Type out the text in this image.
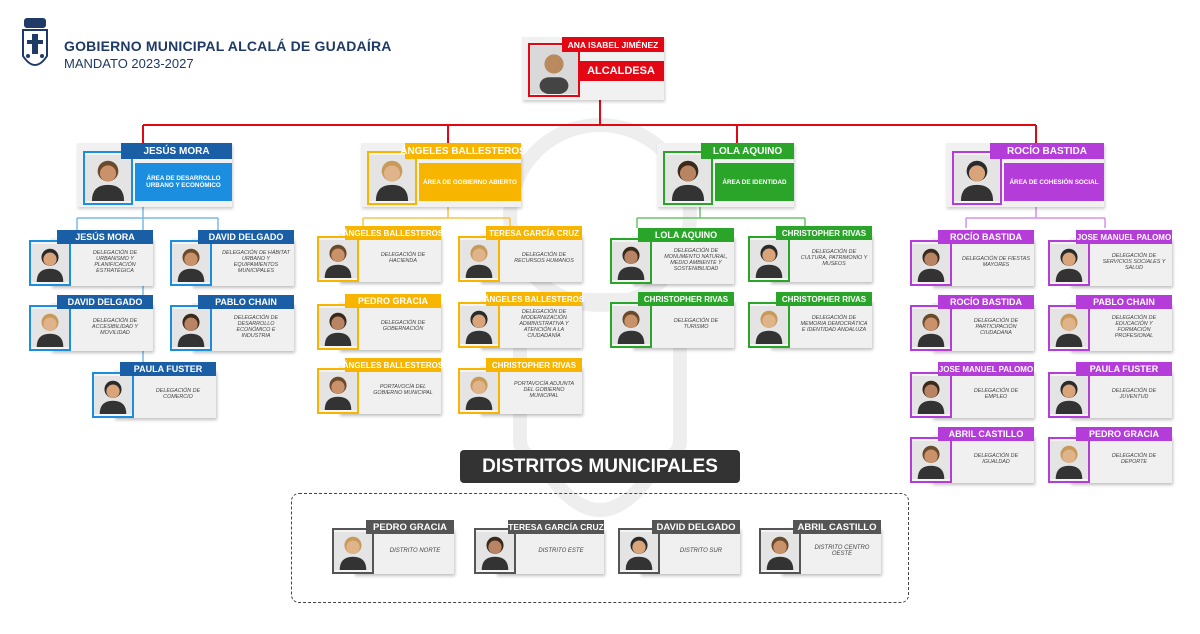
GOBIERNO MUNICIPAL ALCALÁ DE GUADAÍRA
MANDATO 2023-2027
ANA ISABEL JIMÉNEZ
ALCALDESA
JESÚS MORA
ÁREA DE DESARROLLO URBANO Y ECONÓMICO
ÁNGELES BALLESTEROS
ÁREA DE GOBIERNO ABIERTO
LOLA AQUINO
ÁREA DE IDENTIDAD
ROCÍO BASTIDA
ÁREA DE COHESIÓN SOCIAL
DELEGACIÓN DE URBANISMO Y PLANIFICACIÓN ESTRATÉGICA
JESÚS MORA
DELEGACIÓN DE HÁBITAT URBANO Y EQUIPAMIENTOS MUNICIPALES
DAVID DELGADO
DELEGACIÓN DE ACCESIBILIDAD Y MOVILIDAD
DAVID DELGADO
DELEGACIÓN DE DESARROLLO ECONÓMICO E INDUSTRIA
PABLO CHAIN
DELEGACIÓN DE COMERCIO
PAULA FUSTER
DELEGACIÓN DE HACIENDA
ÁNGELES BALLESTEROS
DELEGACIÓN DE RECURSOS HUMANOS
TERESA GARCÍA CRUZ
DELEGACIÓN DE GOBERNACIÓN
PEDRO GRACIA
DELEGACIÓN DE MODERNIZACIÓN ADMINISTRATIVA Y ATENCIÓN A LA CIUDADANÍA
ÁNGELES BALLESTEROS
PORTAVOCÍA DEL GOBIERNO MUNICIPAL
ÁNGELES BALLESTEROS
PORTAVOCÍA ADJUNTA DEL GOBIERNO MUNICIPAL
CHRISTOPHER RIVAS
DELEGACIÓN DE MONUMENTO NATURAL, MEDIO AMBIENTE Y SOSTENIBILIDAD
LOLA AQUINO
DELEGACIÓN DE CULTURA, PATRIMONIO Y MUSEOS
CHRISTOPHER RIVAS
DELEGACIÓN DE TURISMO
CHRISTOPHER RIVAS
DELEGACIÓN DE MEMORIA DEMOCRÁTICA E IDENTIDAD ANDALUZA
CHRISTOPHER RIVAS
DELEGACIÓN DE FIESTAS MAYORES
ROCÍO BASTIDA
DELEGACIÓN DE SERVICIOS SOCIALES Y SALUD
JOSE MANUEL PALOMO
DELEGACIÓN DE PARTICIPACIÓN CIUDADANA
ROCÍO BASTIDA
DELEGACIÓN DE EDUCACIÓN Y FORMACIÓN PROFESIONAL
PABLO CHAIN
DELEGACIÓN DE EMPLEO
JOSE MANUEL PALOMO
DELEGACIÓN DE JUVENTUD
PAULA FUSTER
DELEGACIÓN DE IGUALDAD
ABRIL CASTILLO
DELEGACIÓN DE DEPORTE
PEDRO GRACIA
DISTRITOS MUNICIPALES
DISTRITO NORTE
PEDRO GRACIA
DISTRITO ESTE
TERESA GARCÍA CRUZ
DISTRITO SUR
DAVID DELGADO
DISTRITO CENTRO OESTE
ABRIL CASTILLO
